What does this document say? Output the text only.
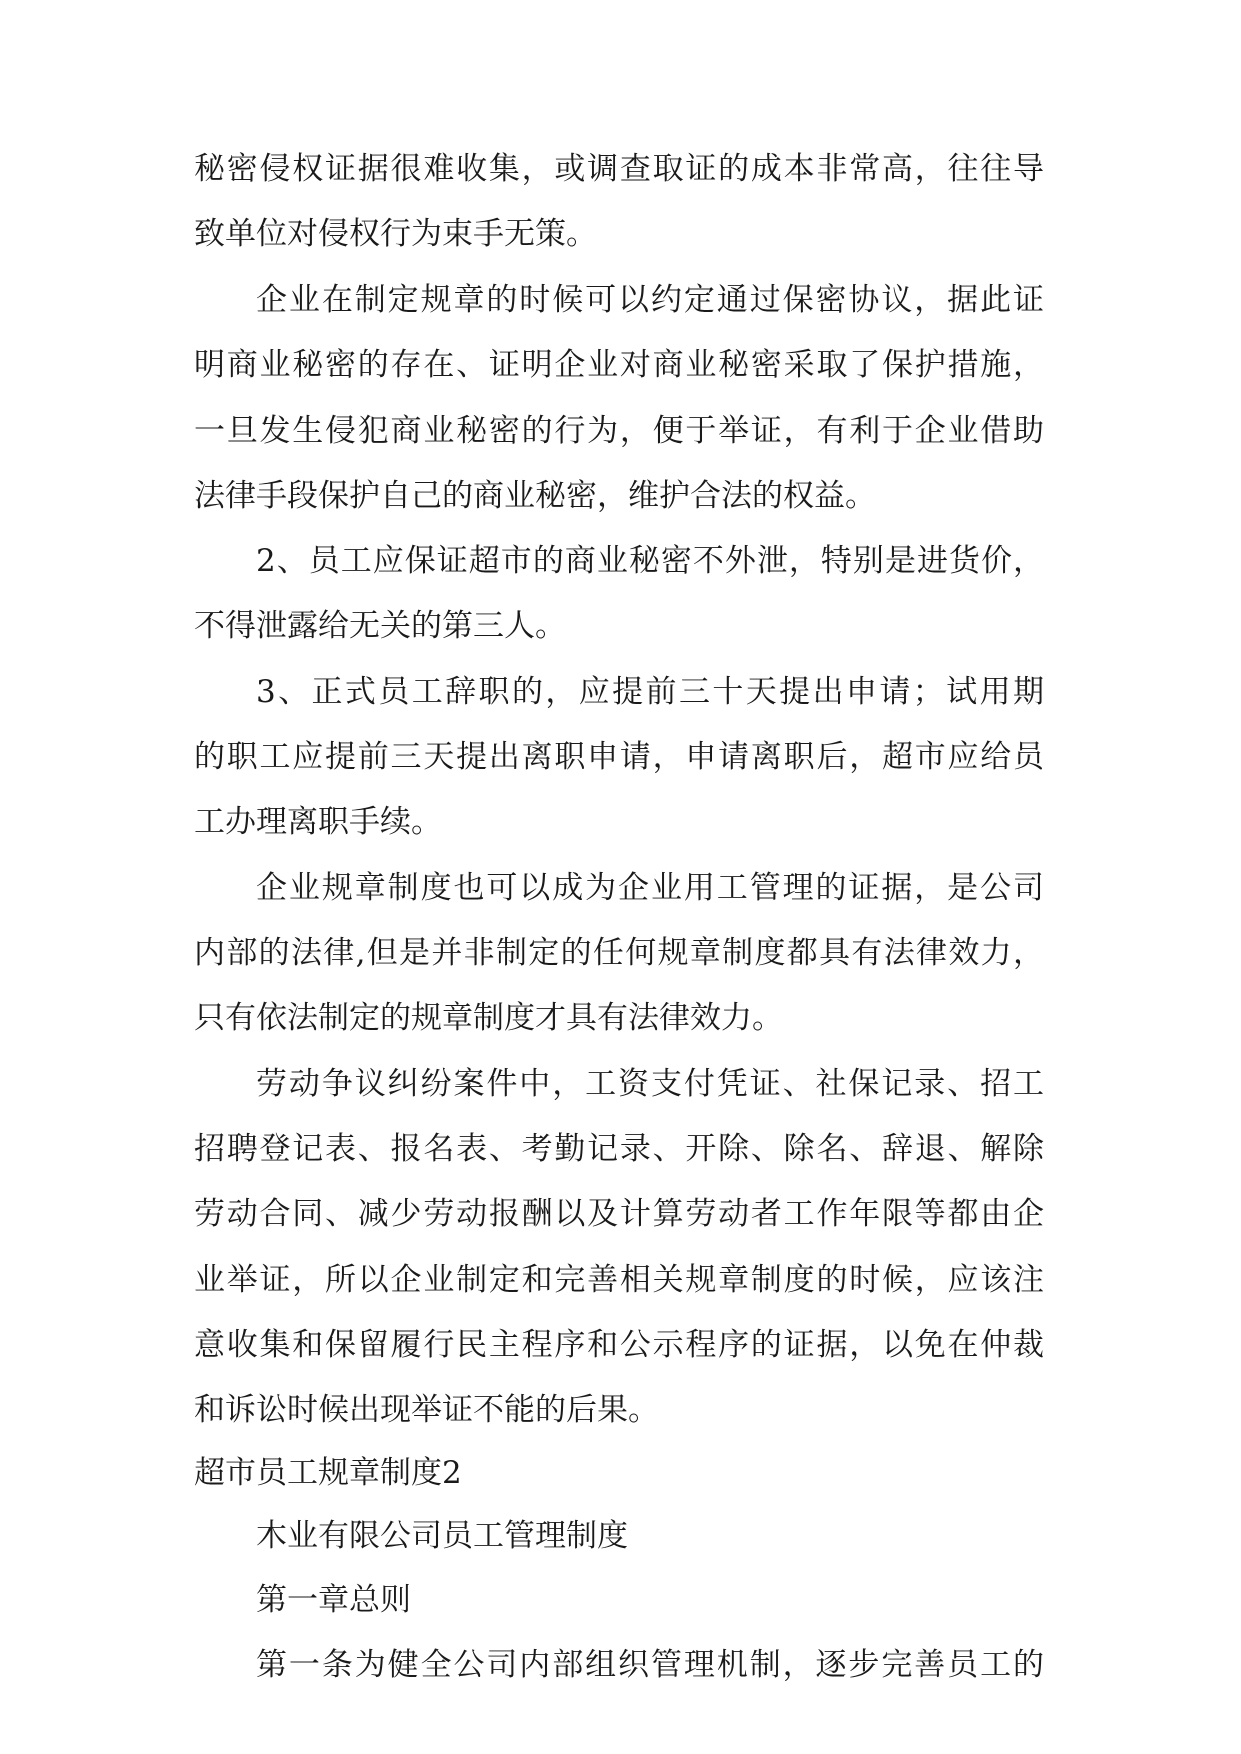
秘密侵权证据很难收集，或调查取证的成本非常高，往往导
致单位对侵权行为束手无策。
企业在制定规章的时候可以约定通过保密协议，据此证
明商业秘密的存在、证明企业对商业秘密采取了保护措施，
一旦发生侵犯商业秘密的行为，便于举证，有利于企业借助
法律手段保护自己的商业秘密，维护合法的权益。
2、员工应保证超市的商业秘密不外泄，特别是进货价，
不得泄露给无关的第三人。
3、正式员工辞职的，应提前三十天提出申请；试用期
的职工应提前三天提出离职申请，申请离职后，超市应给员
工办理离职手续。
企业规章制度也可以成为企业用工管理的证据，是公司
内部的法律,但是并非制定的任何规章制度都具有法律效力，
只有依法制定的规章制度才具有法律效力。
劳动争议纠纷案件中，工资支付凭证、社保记录、招工
招聘登记表、报名表、考勤记录、开除、除名、辞退、解除
劳动合同、减少劳动报酬以及计算劳动者工作年限等都由企
业举证，所以企业制定和完善相关规章制度的时候，应该注
意收集和保留履行民主程序和公示程序的证据，以免在仲裁
和诉讼时候出现举证不能的后果。
超市员工规章制度2
木业有限公司员工管理制度
第一章总则
第一条为健全公司内部组织管理机制，逐步完善员工的
